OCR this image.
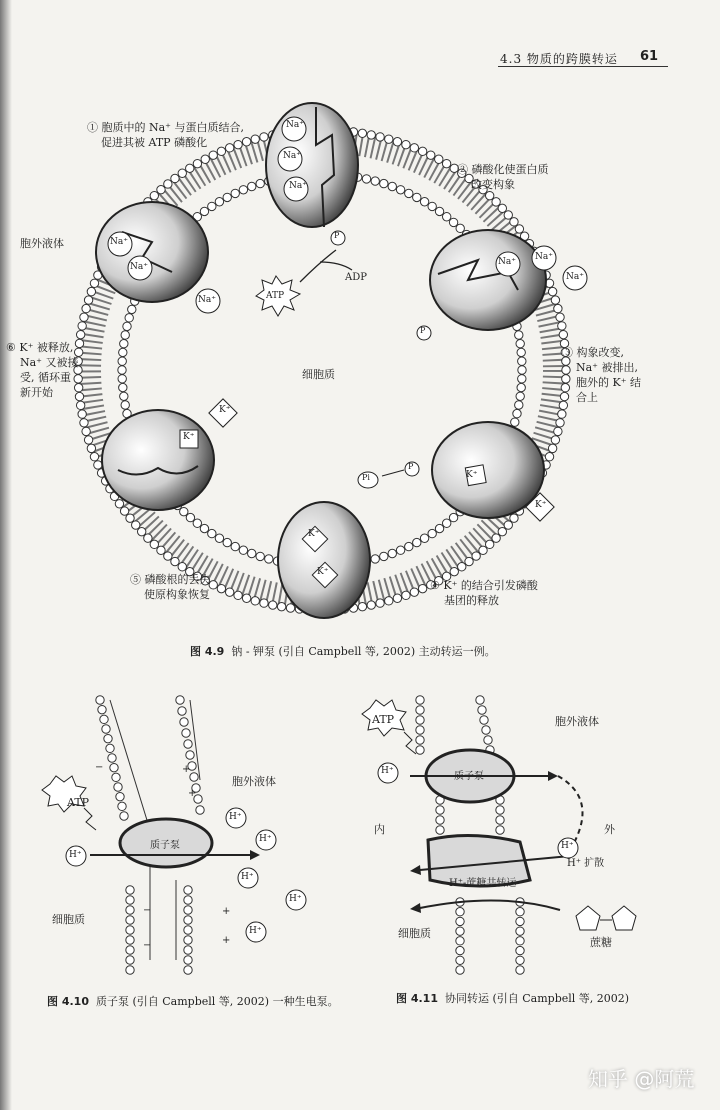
4.3 物质的跨膜转运 61
Na⁺
Na⁺
Na⁺
Na⁺
Na⁺
Na⁺
Na⁺ Na⁺
Na⁺
K⁺
K⁺
K⁺
K⁺
K⁺
K⁺
ATP
ADP
P
P
P
Pi
① 胞质中的 Na⁺ 与蛋白质结合,
促进其被 ATP 磷酸化
② 磷酸化使蛋白质
改变构象
③ 构象改变,
Na⁺ 被排出,
胞外的 K⁺ 结
合上
④ K⁺ 的结合引发磷酸
基团的释放
⑤ 磷酸根的丢失
使原构象恢复
⑥ K⁺ 被释放,
Na⁺ 又被接
受, 循环重
新开始
胞外液体
细胞质
图 4.9 钠 - 钾泵 (引自 Campbell 等, 2002) 主动转运一例。
ATP
H⁺
H⁺
H⁺
H⁺
H⁺
H⁺
质子泵
胞外液体
细胞质
+
+
+
+
−
−
−
图 4.10 质子泵 (引自 Campbell 等, 2002) 一种生电泵。
ATP
H⁺
H⁺
质子泵
胞外液体
内	外
H⁺ 扩散
H⁺-蔗糖共转运
细胞质
蔗糖
图 4.11 协同转运 (引自 Campbell 等, 2002)
知乎 @阿荒
